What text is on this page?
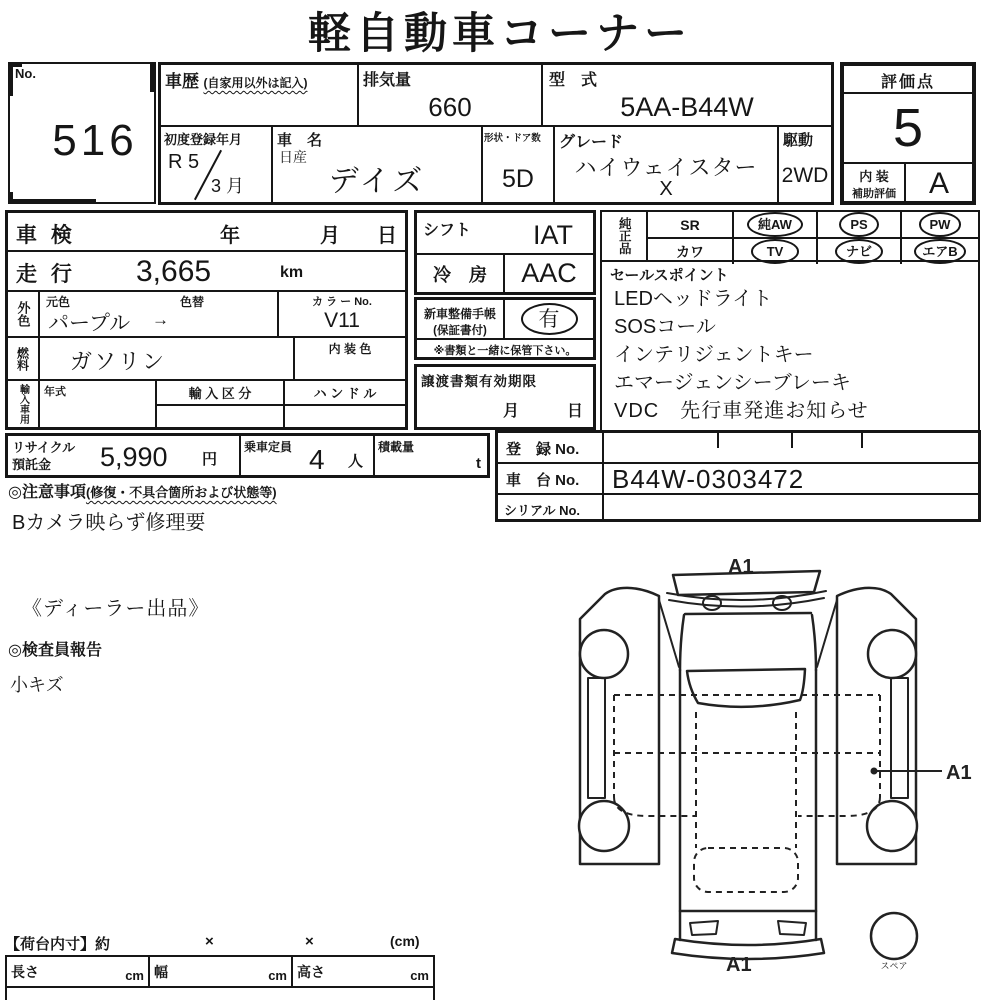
軽自動車コーナー
No.
516
車歴 (自家用以外は記入)	排気量
660
型　式
5AA-B44W
初度登録年月
R 5
3 月
車　名
日産
デイズ
形状・ドア数
5D
グレード
ハイウェイスター
X
駆動
2WD
評価点
5
内 装
補助評価	A
車 検	年	月 日
走 行 3,665	km
外色	元色	色替
パープル →
カ ラ ー No.
V11
燃料	ガソリン	内 装 色
輸入車用	年式	輸 入 区 分	ハ ン ド ル
シフト IAT
冷　房	AAC
新車整備手帳
(保証書付)
有
※書類と一緒に保管下さい。
譲渡書類有効期限
月	日
純正品	SR	純AW	PS	PW
カワ	TV	ナビ	エアB
セールスポイント
LEDヘッドライト
SOSコール
インテリジェントキー
エマージェンシーブレーキ
VDC　先行車発進お知らせ
リサイクル
預託金 5,990 円
乗車定員 4 人
積載量
t
登　録 No.
車　台 No.	B44W-0303472
シリアル No.
◎注意事項(修復・不具合箇所および状態等)
Bカメラ映らず修理要
《ディーラー出品》
◎検査員報告
小キズ
A1
A1
A1	スペア
【荷台内寸】約	×	×	(cm)
長さ	cm 幅	cm 高さ	cm
